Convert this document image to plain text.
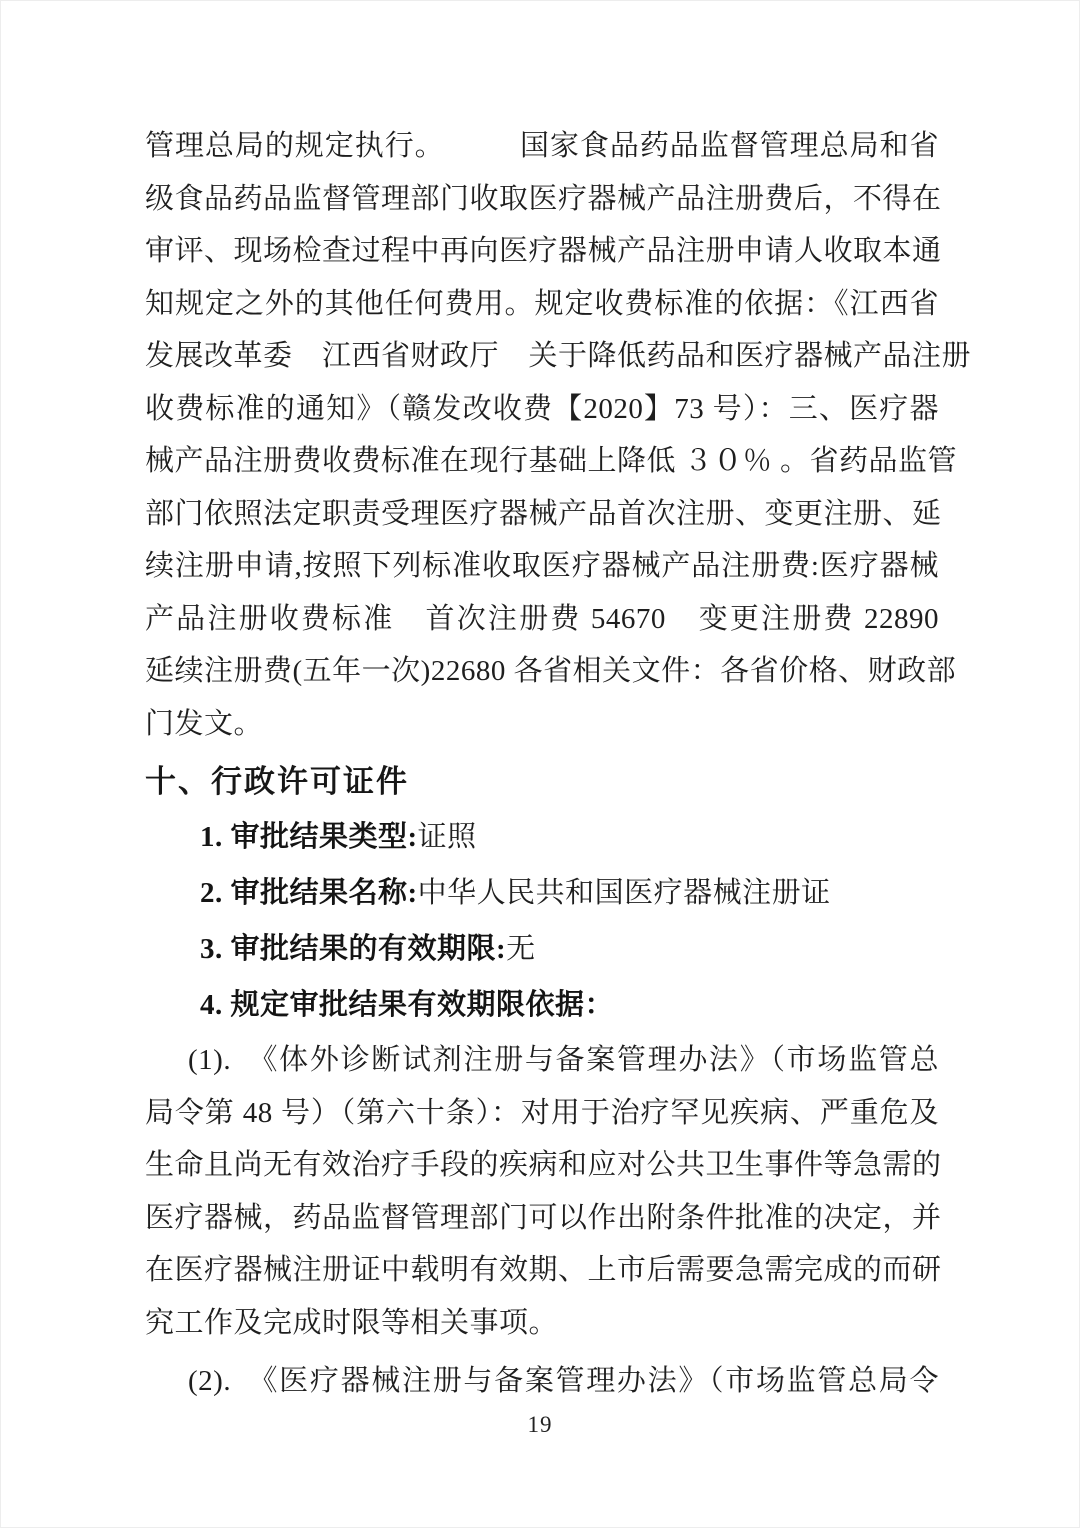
管理总局的规定执行。　　　国家食品药品监督管理总局和省
级食品药品监督管理部门收取医疗器械产品注册费后，不得在
审评、现场检查过程中再向医疗器械产品注册申请人收取本通
知规定之外的其他任何费用。规定收费标准的依据：《江西省
发展改革委　江西省财政厅　关于降低药品和医疗器械产品注册
收费标准的通知》（赣发改收费【2020】73 号）：三、医疗器
械产品注册费收费标准在现行基础上降低 ３０％ 。省药品监管
部门依照法定职责受理医疗器械产品首次注册、变更注册、延
续注册申请,按照下列标准收取医疗器械产品注册费:医疗器械
产品注册收费标准　首次注册费 54670　变更注册费 22890
延续注册费(五年一次)22680 各省相关文件：各省价格、财政部
门发文。
十、行政许可证件
1. 审批结果类型:证照
2. 审批结果名称:中华人民共和国医疗器械注册证
3. 审批结果的有效期限:无
4. 规定审批结果有效期限依据：
(1).　《体外诊断试剂注册与备案管理办法》（市场监管总
局令第 48 号）（第六十条）：对用于治疗罕见疾病、严重危及
生命且尚无有效治疗手段的疾病和应对公共卫生事件等急需的
医疗器械，药品监督管理部门可以作出附条件批准的决定，并
在医疗器械注册证中载明有效期、上市后需要急需完成的而研
究工作及完成时限等相关事项。
(2).　《医疗器械注册与备案管理办法》（市场监管总局令
19
